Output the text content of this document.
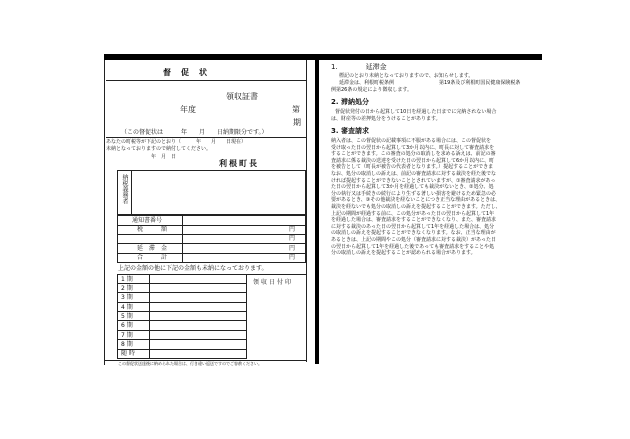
督　促　状
領収証書
年度	第
期
（この督促状は　　　年　　月　　日納期限分です。）
あなたの町税等が下記のとおり（　　　年　　月　　日現在）
未納となっておりますので納付してください。
年　月　日
利根町長
納税義務者
通知書番号
税　　　額	円
円
延　滞　金	円
合　　　計	円
上記の金額の他に下記の金額も未納になっております。
1 期
2 期
3 期
4 期
5 期
6 期
7 期
8 期
随 時
領収日付印
この督促状送達後に納められた場合は、行き違い返送ですのでご容赦ください。
1.　　　　延滞金
標記のとおり未納となっておりますので、お知らせします。
延滞金は、利根町税条例　　　　　　　　　第19条及び利根町国民健康保険税条
例第26条の規定により徴収します。
2. 滞納処分
督促状発付の日から起算して10日を経過した日までに完納されない場合
は、財産等の差押処分をうけることがあります。
3. 審査請求
納入者は、この督促状の記載事項に不服がある場合には、この督促状を
受け取った日の翌日から起算して3か月以内に、町長に対して審査請求を
することができます。この審査の処分の取消しを求める訴えは、前記の審
査請求に係る裁決の送達を受けた日の翌日から起算して6か月以内に、町
を被告として（町長が被告の代表者となります。）提起することができま
なお、処分の取消しの訴えは、前記の審査請求に対する裁決を経た後でな
ければ提起することができないこととされていますが、①審査請求があっ
た日の翌日から起算して3か月を経過しても裁決がないとき、②処分、処
分の執行又は手続きの続行により生ずる著しい損害を避けるため緊急の必
要があるとき、③その他裁決を経ないことにつき正当な理由があるときは、
裁決を経ないでも処分の取消しの訴えを提起することができます。ただし、
上記の期間が経過する前に、この処分があった日の翌日から起算して1年
を経過した場合は、審査請求をすることができなくなり、また、審査請求
に対する裁決のあった日の翌日から起算して1年を経過した場合は、処分
の取消しの訴えを提起することができなくなります。なお、正当な理由が
あるときは、上記の期間やこの処分（審査請求に対する裁決）があった日
の翌日から起算して1年を経過した後であっても審査請求をすることや処
分の取消しの訴えを提起することが認められる場合があります。
